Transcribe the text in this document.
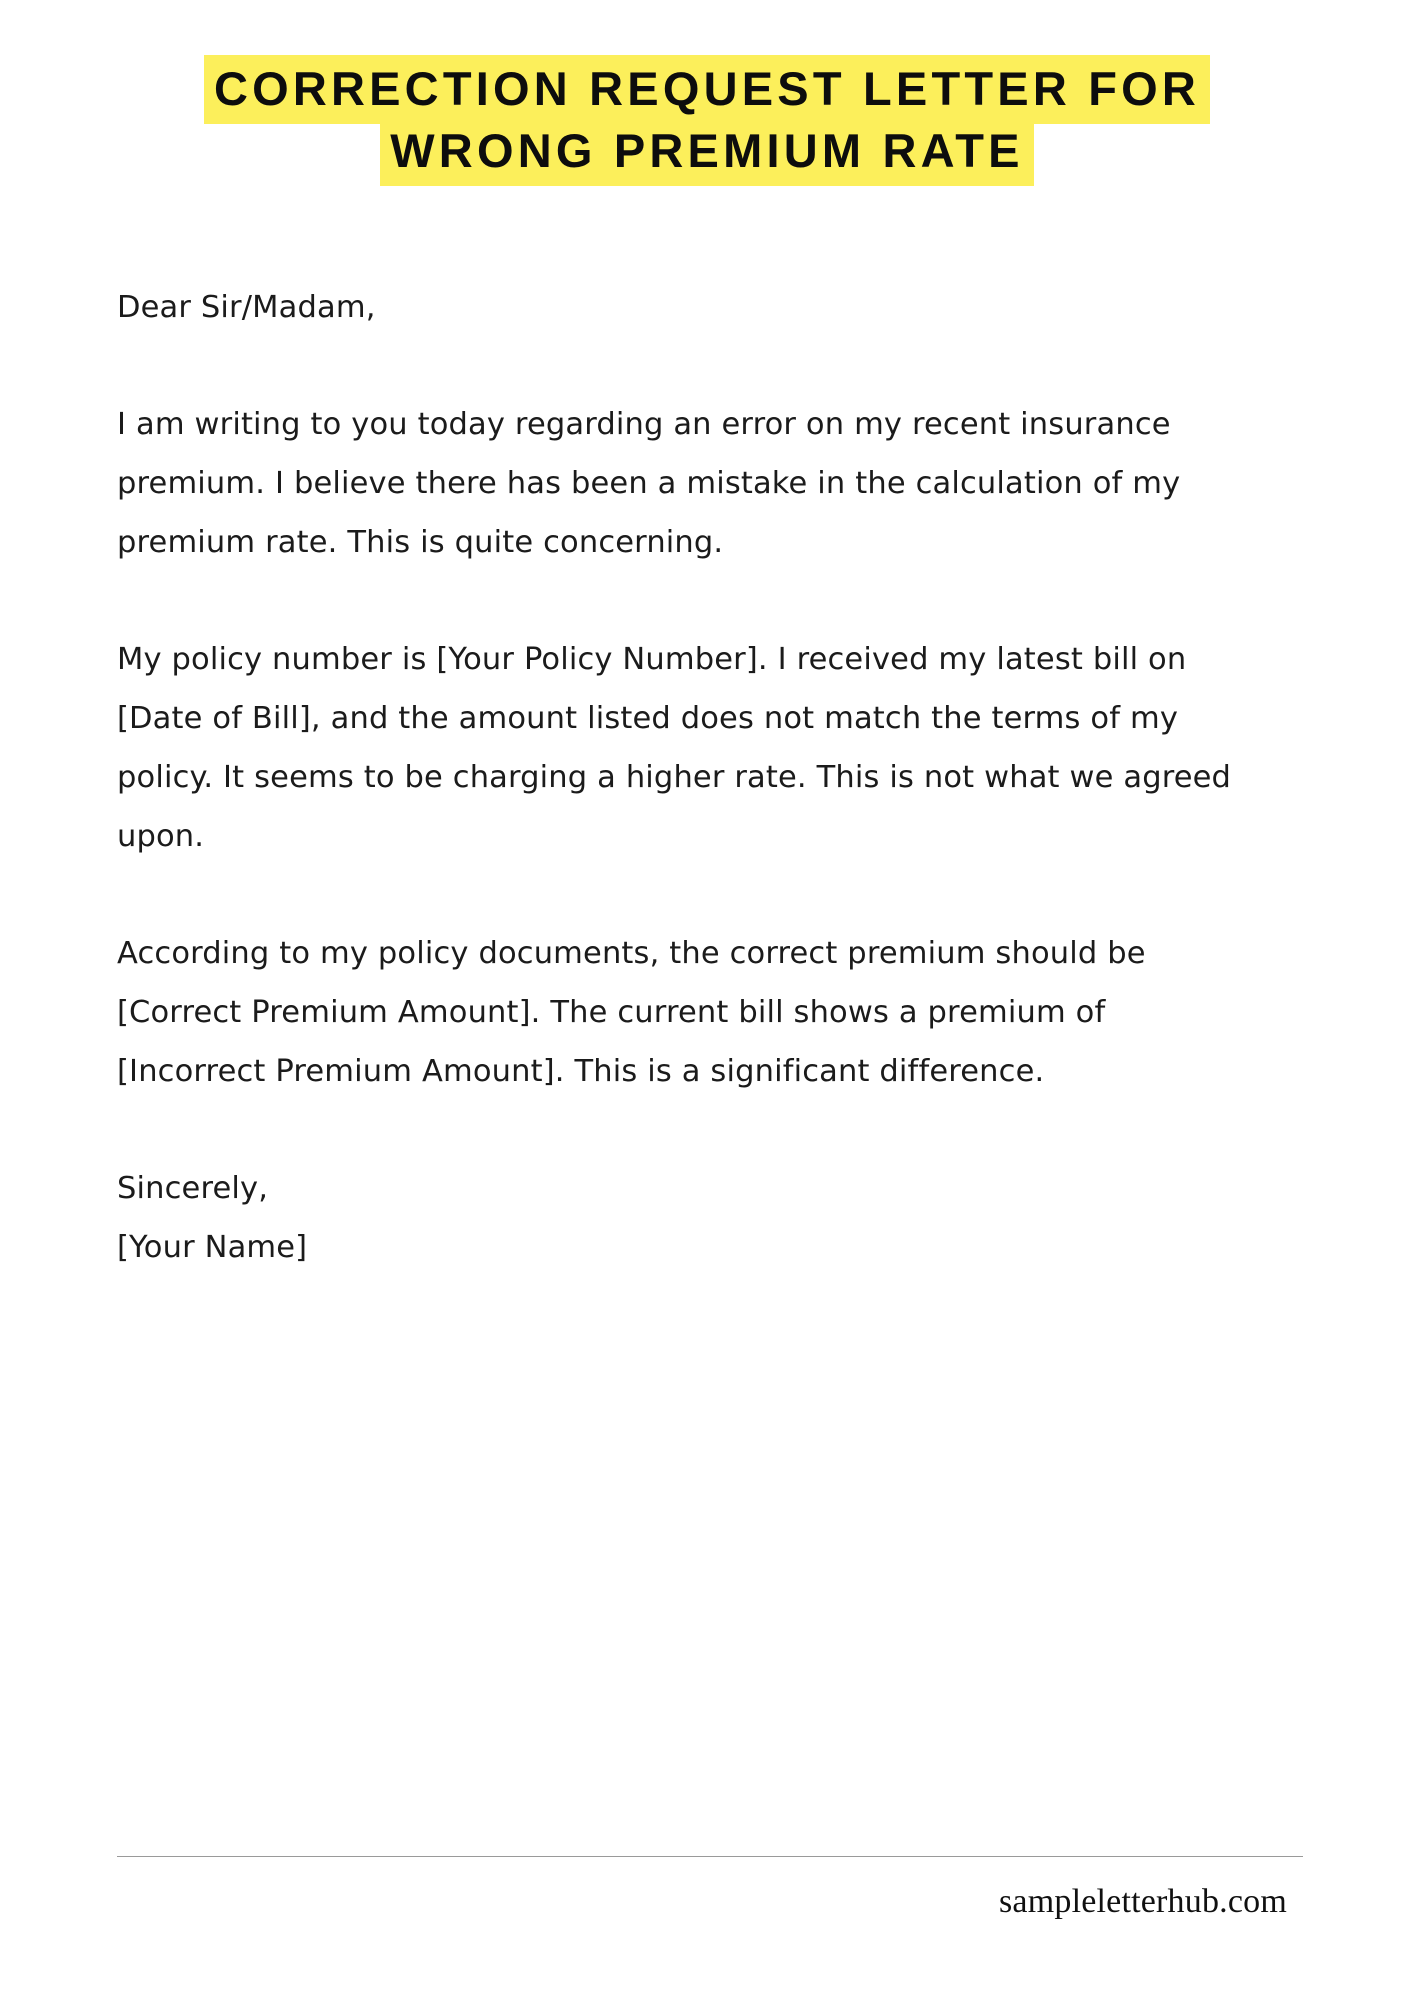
CORRECTION REQUEST LETTER FOR
WRONG PREMIUM RATE

Dear Sir/Madam,

I am writing to you today regarding an error on my recent insurance premium. I believe there has been a mistake in the calculation of my premium rate. This is quite concerning.

My policy number is [Your Policy Number]. I received my latest bill on [Date of Bill], and the amount listed does not match the terms of my policy. It seems to be charging a higher rate. This is not what we agreed upon.

According to my policy documents, the correct premium should be [Correct Premium Amount]. The current bill shows a premium of [Incorrect Premium Amount]. This is a significant difference.

Sincerely,

[Your Name]

sampleletterhub.com
